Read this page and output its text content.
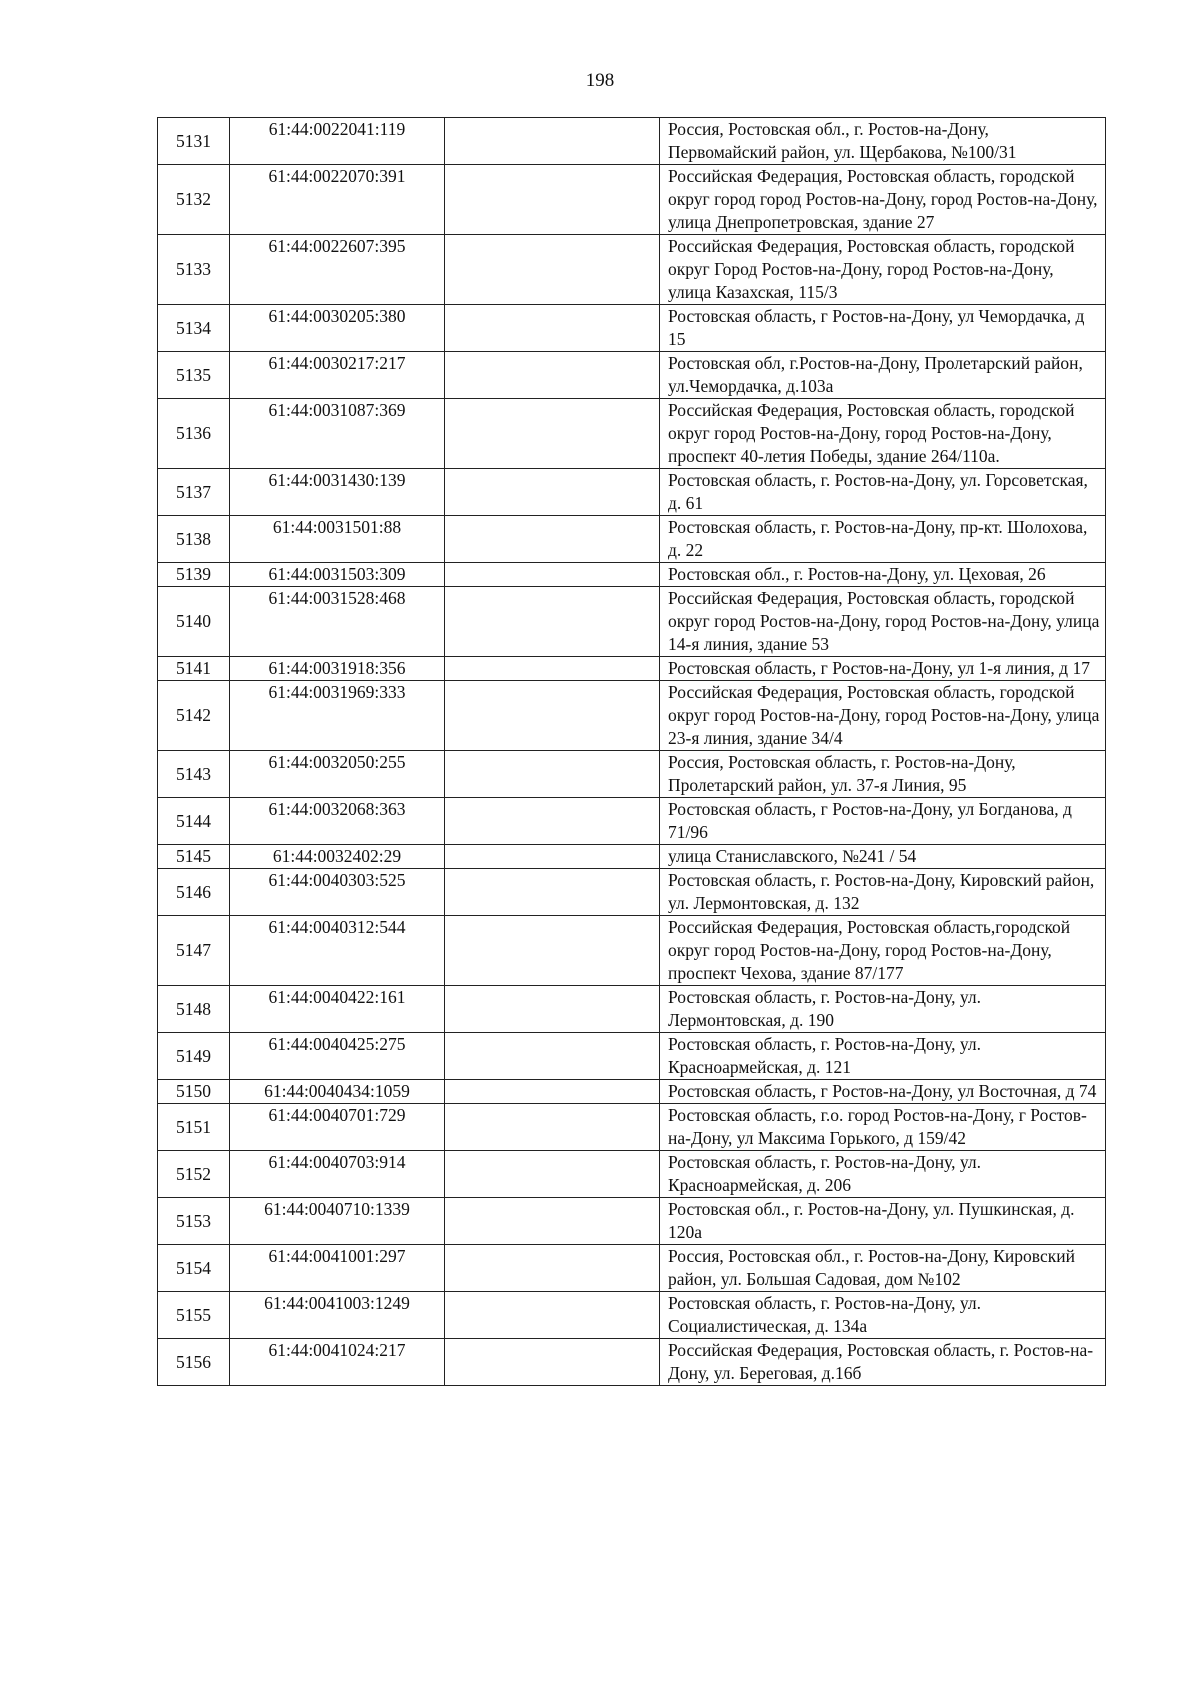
198
5131	61:44:0022041:119		Россия, Ростовская обл., г. Ростов-на-Дону, Первомайский район, ул. Щербакова, №100/31
5132	61:44:0022070:391		Российская Федерация, Ростовская область, городской округ город город Ростов-на-Дону, город Ростов-на-Дону, улица Днепропетровская, здание 27
5133	61:44:0022607:395		Российская Федерация, Ростовская область, городской округ Город Ростов-на-Дону, город Ростов-на-Дону, улица Казахская, 115/3
5134	61:44:0030205:380		Ростовская область, г Ростов-на-Дону, ул Чемордачка, д 15
5135	61:44:0030217:217		Ростовская обл, г.Ростов-на-Дону, Пролетарский район, ул.Чемордачка, д.103а
5136	61:44:0031087:369		Российская Федерация, Ростовская область, городской округ город Ростов-на-Дону, город Ростов-на-Дону, проспект 40-летия Победы, здание 264/110а.
5137	61:44:0031430:139		Ростовская область, г. Ростов-на-Дону, ул. Горсоветская, д. 61
5138	61:44:0031501:88		Ростовская область, г. Ростов-на-Дону, пр-кт. Шолохова, д. 22
5139	61:44:0031503:309		Ростовская обл., г. Ростов-на-Дону, ул. Цеховая, 26
5140	61:44:0031528:468		Российская Федерация, Ростовская область, городской округ город Ростов-на-Дону, город Ростов-на-Дону, улица 14-я линия, здание 53
5141	61:44:0031918:356		Ростовская область, г Ростов-на-Дону, ул 1-я линия, д 17
5142	61:44:0031969:333		Российская Федерация, Ростовская область, городской округ город Ростов-на-Дону, город Ростов-на-Дону, улица 23-я линия, здание 34/4
5143	61:44:0032050:255		Россия, Ростовская область, г. Ростов-на-Дону, Пролетарский район, ул. 37-я Линия, 95
5144	61:44:0032068:363		Ростовская область, г Ростов-на-Дону, ул Богданова, д 71/96
5145	61:44:0032402:29		улица Станиславского, №241 / 54
5146	61:44:0040303:525		Ростовская область, г. Ростов-на-Дону, Кировский район, ул. Лермонтовская, д. 132
5147	61:44:0040312:544		Российская Федерация, Ростовская область,городской округ город Ростов-на-Дону, город Ростов-на-Дону, проспект Чехова, здание 87/177
5148	61:44:0040422:161		Ростовская область, г. Ростов-на-Дону, ул. Лермонтовская, д. 190
5149	61:44:0040425:275		Ростовская область, г. Ростов-на-Дону, ул. Красноармейская, д. 121
5150	61:44:0040434:1059		Ростовская область, г Ростов-на-Дону, ул Восточная, д 74
5151	61:44:0040701:729		Ростовская область, г.о. город Ростов-на-Дону, г Ростов-на-Дону, ул Максима Горького, д 159/42
5152	61:44:0040703:914		Ростовская область, г. Ростов-на-Дону, ул. Красноармейская, д. 206
5153	61:44:0040710:1339		Ростовская обл., г. Ростов-на-Дону, ул. Пушкинская, д. 120а
5154	61:44:0041001:297		Россия, Ростовская обл., г. Ростов-на-Дону, Кировский район, ул. Большая Садовая, дом №102
5155	61:44:0041003:1249		Ростовская область, г. Ростов-на-Дону, ул. Социалистическая, д. 134а
5156	61:44:0041024:217		Российская Федерация, Ростовская область, г. Ростов-на-Дону, ул. Береговая, д.16б
